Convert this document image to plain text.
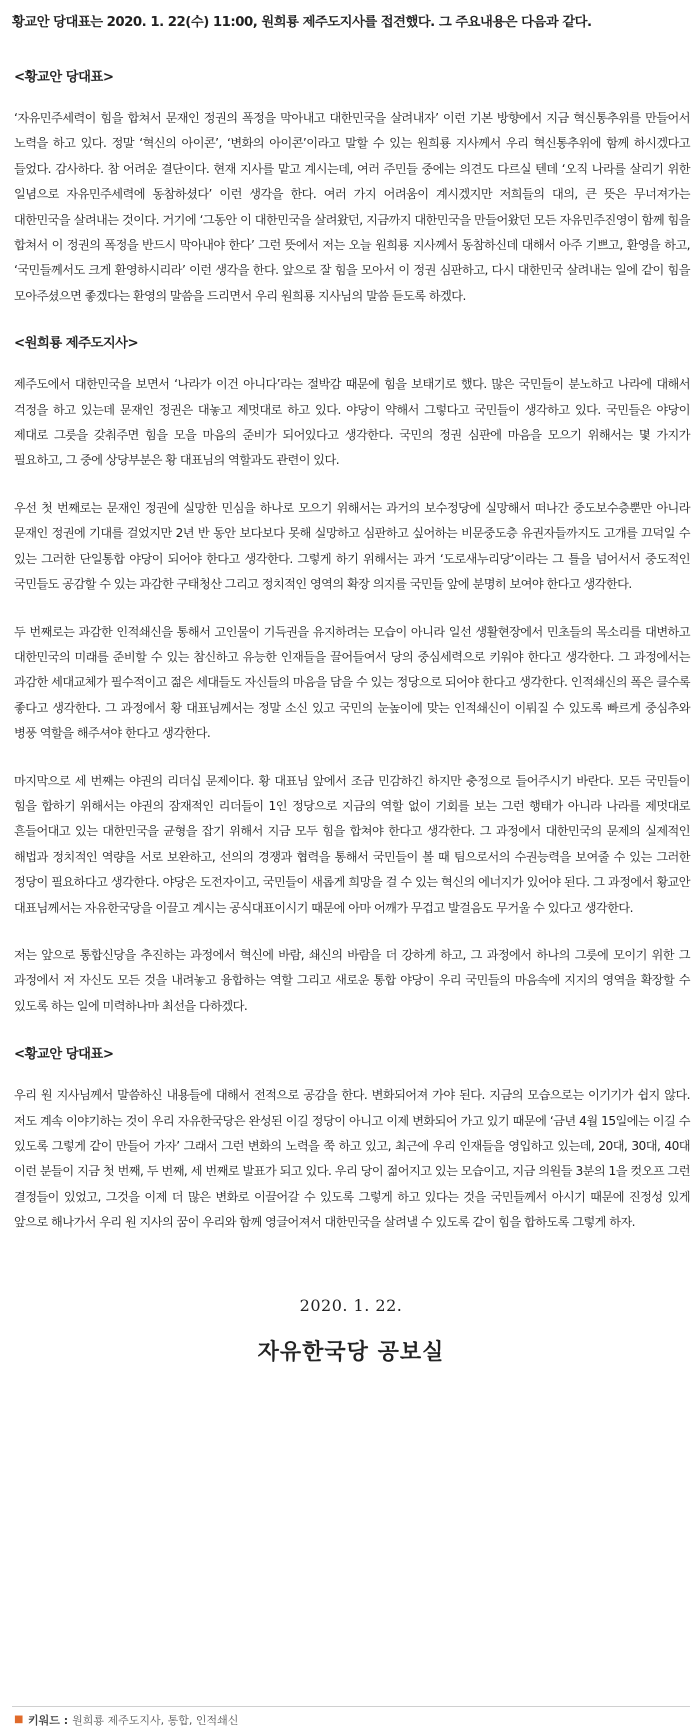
황교안 당대표는 2020. 1. 22(수) 11:00, 원희룡 제주도지사를 접견했다. 그 주요내용은 다음과 같다.

<황교안 당대표>

‘자유민주세력이 힘을 합쳐서 문재인 정권의 폭정을 막아내고 대한민국을 살려내자’ 이런 기본 방향에서 지금 혁신통추위를 만들어서 노력을 하고 있다. 정말 ‘혁신의 아이콘’, ‘변화의 아이콘’이라고 말할 수 있는 원희룡 지사께서 우리 혁신통추위에 함께 하시겠다고 들었다. 감사하다. 참 어려운 결단이다. 현재 지사를 맡고 계시는데, 여러 주민들 중에는 의견도 다르실 텐데 ‘오직 나라를 살리기 위한 일념으로 자유민주세력에 동참하셨다’ 이런 생각을 한다. 여러 가지 어려움이 계시겠지만 저희들의 대의, 큰 뜻은 무너져가는 대한민국을 살려내는 것이다. 거기에 ‘그동안 이 대한민국을 살려왔던, 지금까지 대한민국을 만들어왔던 모든 자유민주진영이 함께 힘을 합쳐서 이 정권의 폭정을 반드시 막아내야 한다’ 그런 뜻에서 저는 오늘 원희룡 지사께서 동참하신데 대해서 아주 기쁘고, 환영을 하고, ‘국민들께서도 크게 환영하시리라’ 이런 생각을 한다. 앞으로 잘 힘을 모아서 이 정권 심판하고, 다시 대한민국 살려내는 일에 같이 힘을 모아주셨으면 좋겠다는 환영의 말씀을 드리면서 우리 원희룡 지사님의 말씀 듣도록 하겠다.

<원희룡 제주도지사>

제주도에서 대한민국을 보면서 ‘나라가 이건 아니다’라는 절박감 때문에 힘을 보태기로 했다. 많은 국민들이 분노하고 나라에 대해서 걱정을 하고 있는데 문재인 정권은 대놓고 제멋대로 하고 있다. 야당이 약해서 그렇다고 국민들이 생각하고 있다. 국민들은 야당이 제대로 그릇을 갖춰주면 힘을 모을 마음의 준비가 되어있다고 생각한다. 국민의 정권 심판에 마음을 모으기 위해서는 몇 가지가 필요하고, 그 중에 상당부분은 황 대표님의 역할과도 관련이 있다.

우선 첫 번째로는 문재인 정권에 실망한 민심을 하나로 모으기 위해서는 과거의 보수정당에 실망해서 떠나간 중도보수층뿐만 아니라 문재인 정권에 기대를 걸었지만 2년 반 동안 보다보다 못해 실망하고 심판하고 싶어하는 비문중도층 유권자들까지도 고개를 끄덕일 수 있는 그러한 단일통합 야당이 되어야 한다고 생각한다. 그렇게 하기 위해서는 과거 ‘도로새누리당’이라는 그 틀을 넘어서서 중도적인 국민들도 공감할 수 있는 과감한 구태청산 그리고 정치적인 영역의 확장 의지를 국민들 앞에 분명히 보여야 한다고 생각한다.

두 번째로는 과감한 인적쇄신을 통해서 고인물이 기득권을 유지하려는 모습이 아니라 일선 생활현장에서 민초들의 목소리를 대변하고 대한민국의 미래를 준비할 수 있는 참신하고 유능한 인재들을 끌어들여서 당의 중심세력으로 키워야 한다고 생각한다. 그 과정에서는 과감한 세대교체가 필수적이고 젊은 세대들도 자신들의 마음을 담을 수 있는 정당으로 되어야 한다고 생각한다. 인적쇄신의 폭은 클수록 좋다고 생각한다. 그 과정에서 황 대표님께서는 정말 소신 있고 국민의 눈높이에 맞는 인적쇄신이 이뤄질 수 있도록 빠르게 중심추와 병풍 역할을 해주셔야 한다고 생각한다.

마지막으로 세 번째는 야권의 리더십 문제이다. 황 대표님 앞에서 조금 민감하긴 하지만 충정으로 들어주시기 바란다. 모든 국민들이 힘을 합하기 위해서는 야권의 잠재적인 리더들이 1인 정당으로 지금의 역할 없이 기회를 보는 그런 행태가 아니라 나라를 제멋대로 흔들어대고 있는 대한민국을 균형을 잡기 위해서 지금 모두 힘을 합쳐야 한다고 생각한다. 그 과정에서 대한민국의 문제의 실제적인 해법과 정치적인 역량을 서로 보완하고, 선의의 경쟁과 협력을 통해서 국민들이 볼 때 팀으로서의 수권능력을 보여줄 수 있는 그러한 정당이 필요하다고 생각한다. 야당은 도전자이고, 국민들이 새롭게 희망을 걸 수 있는 혁신의 에너지가 있어야 된다. 그 과정에서 황교안 대표님께서는 자유한국당을 이끌고 계시는 공식대표이시기 때문에 아마 어깨가 무겁고 발걸음도 무거울 수 있다고 생각한다.

저는 앞으로 통합신당을 추진하는 과정에서 혁신에 바람, 쇄신의 바람을 더 강하게 하고, 그 과정에서 하나의 그릇에 모이기 위한 그 과정에서 저 자신도 모든 것을 내려놓고 융합하는 역할 그리고 새로운 통합 야당이 우리 국민들의 마음속에 지지의 영역을 확장할 수 있도록 하는 일에 미력하나마 최선을 다하겠다.

<황교안 당대표>

우리 원 지사님께서 말씀하신 내용들에 대해서 전적으로 공감을 한다. 변화되어져 가야 된다. 지금의 모습으로는 이기기가 쉽지 않다. 저도 계속 이야기하는 것이 우리 자유한국당은 완성된 이길 정당이 아니고 이제 변화되어 가고 있기 때문에 ‘금년 4월 15일에는 이길 수 있도록 그렇게 같이 만들어 가자’ 그래서 그런 변화의 노력을 쭉 하고 있고, 최근에 우리 인재들을 영입하고 있는데, 20대, 30대, 40대 이런 분들이 지금 첫 번째, 두 번째, 세 번째로 발표가 되고 있다. 우리 당이 젊어지고 있는 모습이고, 지금 의원들 3분의 1을 컷오프 그런 결정들이 있었고, 그것을 이제 더 많은 변화로 이끌어갈 수 있도록 그렇게 하고 있다는 것을 국민들께서 아시기 때문에 진정성 있게 앞으로 해나가서 우리 원 지사의 꿈이 우리와 함께 영글어져서 대한민국을 살려낼 수 있도록 같이 힘을 합하도록 그렇게 하자.

2020. 1. 22.
자유한국당 공보실
■ 키워드 : 원희룡 제주도지사, 통합, 인적쇄신
